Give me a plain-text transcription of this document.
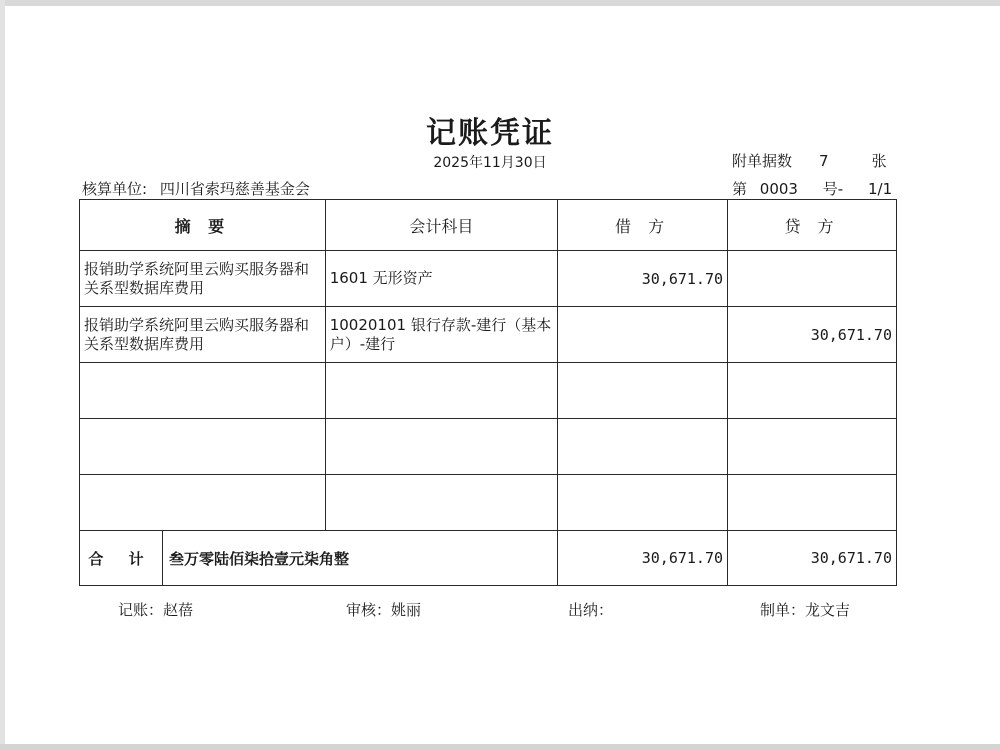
记账凭证
2025年11月30日	附单据数 7	张
核算单位: 四川省索玛慈善基金会	第 0003 号- 1/1
摘 要	会计科目	借 方	贷 方
报销助学系统阿里云购买服务器和关系型数据库费用	1601 无形资产	30,671.70	
报销助学系统阿里云购买服务器和关系型数据库费用	10020101 银行存款-建行（基本户）-建行		30,671.70

合 计 叁万零陆佰柒拾壹元柒角整		30,671.70	30,671.70
记账：赵蓓	审核：姚丽	出纳：	制单：龙文吉
